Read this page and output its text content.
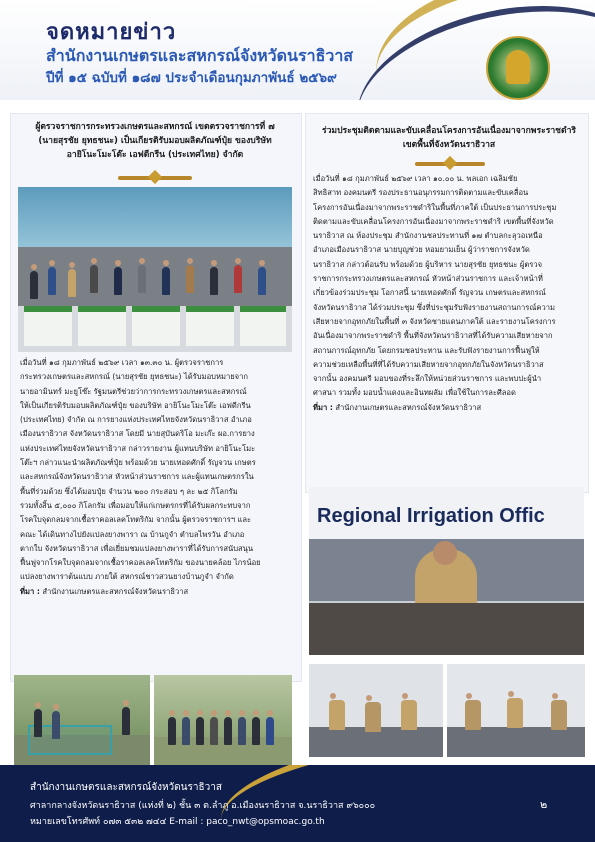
จดหมายข่าว
สำนักงานเกษตรและสหกรณ์จังหวัดนราธิวาส
ปีที่ ๑๕ ฉบับที่ ๑๘๗ ประจำเดือนกุมภาพันธ์ ๒๕๖๙
ผู้ตรวจราชการกระทรวงเกษตรและสหกรณ์ เขตตรวจราชการที่ ๗
(นายสุรชัย ยุทธชนะ) เป็นเกียรติรับมอบผลิตภัณฑ์ปุ๋ย ของบริษัท
อายิโนะโมะโต๊ะ เอฟดีกรีน (ประเทศไทย) จำกัด
เมื่อวันที่ ๑๘ กุมภาพันธ์ ๒๕๖๙ เวลา ๑๓.๓๐ น. ผู้ตรวจราชการ
กระทรวงเกษตรและสหกรณ์ (นายสุรชัย ยุทธชนะ) ได้รับมอบหมายจาก
นายอามินทร์ มะยูโซ๊ะ รัฐมนตรีช่วยว่าการกระทรวงเกษตรและสหกรณ์
ให้เป็นเกียรติรับมอบผลิตภัณฑ์ปุ๋ย ของบริษัท อายิโนะโมะโต๊ะ เอฟดีกรีน
(ประเทศไทย) จำกัด ณ การยางแห่งประเทศไทยจังหวัดนราธิวาส อำเภอ
เมืองนราธิวาส จังหวัดนราธิวาส โดยมี นายสุบันดริโอ มะเก๊ะ ผอ.การยาง
แห่งประเทศไทยจังหวัดนราธิวาส กล่าวรายงาน ผู้แทนบริษัท อายิโนะโมะ
โต๊ะฯ กล่าวแนะนำผลิตภัณฑ์ปุ๋ย พร้อมด้วย นายเทอดศักดิ์ รัญจวน เกษตร
และสหกรณ์จังหวัดนราธิวาส หัวหน้าส่วนราชการ และผู้แทนเกษตรกรใน
พื้นที่ร่วมด้วย ซึ่งได้มอบปุ๋ย จำนวน ๒๐๐ กระสอบ ๆ ละ ๒๕ กิโลกรัม
รวมทั้งสิ้น ๕,๐๐๐ กิโลกรัม เพื่อมอบให้แก่เกษตรกรที่ได้รับผลกระทบจาก
โรคใบจุดกลมจากเชื้อราคอลเลคโทตริกัม จากนั้น ผู้ตรวจราชการฯ และ
คณะ ได้เดินทางไปยังแปลงยางพารา ณ บ้านกูจำ ตำบลไพรวัน อำเภอ
ตากใบ จังหวัดนราธิวาส เพื่อเยี่ยมชมแปลงยางพาราที่ได้รับการสนับสนุน
ฟื้นฟูจากโรคใบจุดกลมจากเชื้อราคอลเลคโทตริกัม ของนายคล้อย ไกรน้อย
แปลงยางพาราต้นแบบ ภายใต้ สหกรณ์ชาวสวนยางบ้านกูจำ จำกัด
ที่มา : สำนักงานเกษตรและสหกรณ์จังหวัดนราธิวาส
ร่วมประชุมติดตามและขับเคลื่อนโครงการอันเนื่องมาจากพระราชดำริ
เขตพื้นที่จังหวัดนราธิวาส
เมื่อวันที่ ๑๘ กุมภาพันธ์ ๒๕๖๙ เวลา ๑๐.๐๐ น. พลเอก เฉลิมชัย
สิทธิสาท องคมนตรี รองประธานอนุกรรมการติดตามและขับเคลื่อน
โครงการอันเนื่องมาจากพระราชดำริในพื้นที่ภาคใต้ เป็นประธานการประชุม
ติดตามและขับเคลื่อนโครงการอันเนื่องมาจากพระราชดำริ เขตพื้นที่จังหวัด
นราธิวาส ณ ห้องประชุม สำนักงานชลประทานที่ ๑๗ ตำบลกะลุวอเหนือ
อำเภอเมืองนราธิวาส นายบุญช่วย หอมยามเย็น ผู้ว่าราชการจังหวัด
นราธิวาส กล่าวต้อนรับ พร้อมด้วย ผู้บริหาร นายสุรชัย ยุทธชนะ ผู้ตรวจ
ราชการกระทรวงเกษตรและสหกรณ์ หัวหน้าส่วนราชการ และเจ้าหน้าที่
เกี่ยวข้องร่วมประชุม โอกาสนี้ นายเทอดศักดิ์ รัญจวน เกษตรและสหกรณ์
จังหวัดนราธิวาส ได้ร่วมประชุม ซึ่งที่ประชุมรับฟังรายงานสถานการณ์ความ
เสียหายจากอุทกภัยในพื้นที่ ๓ จังหวัดชายแดนภาคใต้ และรายงานโครงการ
อันเนื่องมาจากพระราชดำริ พื้นที่จังหวัดนราธิวาสที่ได้รับความเสียหายจาก
สถานการณ์อุทกภัย โดยกรมชลประทาน และรับฟังรายงานการฟื้นฟูให้
ความช่วยเหลือพื้นที่ที่ได้รับความเสียหายจากอุทกภัยในจังหวัดนราธิวาส
จากนั้น องคมนตรี มอบของที่ระลึกให้หน่วยส่วนราชการ และพบปะผู้นำ
ศาสนา รวมทั้ง มอบน้ำแดงและอินทผลัม เพื่อใช้ในการละศีลอด
ที่มา : สำนักงานเกษตรและสหกรณ์จังหวัดนราธิวาส
Regional Irrigation Offic
สำนักงานเกษตรและสหกรณ์จังหวัดนราธิวาส
ศาลากลางจังหวัดนราธิวาส (แห่งที่ ๒) ชั้น ๓ ต.ลำภู อ.เมืองนราธิวาส จ.นราธิวาส ๙๖๐๐๐
หมายเลขโทรศัพท์ ๐๗๓ ๕๓๒ ๗๔๔ E-mail : paco_nwt@opsmoac.go.th
๒
